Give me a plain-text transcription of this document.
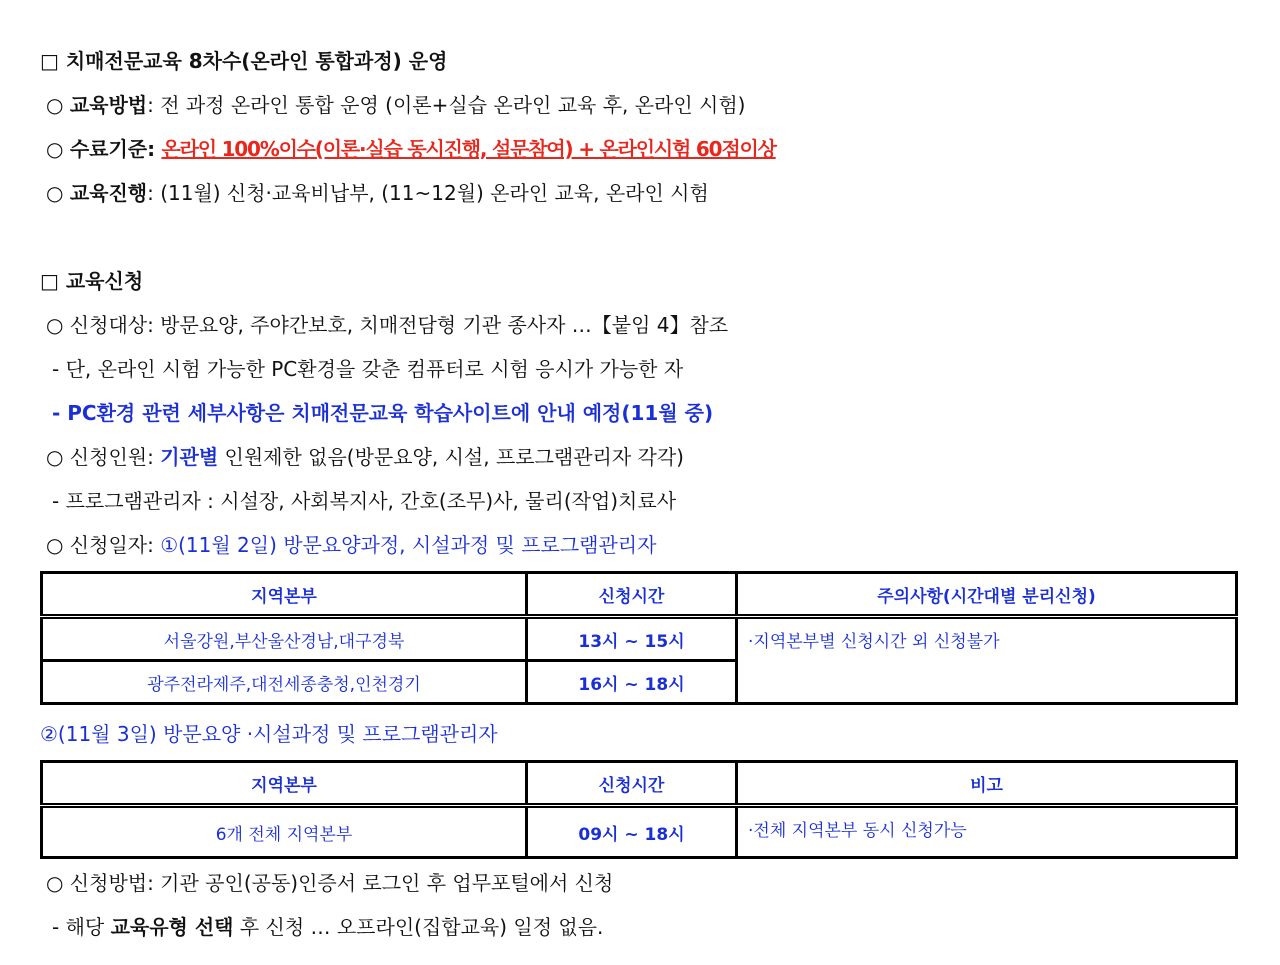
□ 치매전문교육 8차수(온라인 통합과정) 운영
○ 교육방법: 전 과정 온라인 통합 운영 (이론+실습 온라인 교육 후, 온라인 시험)
○ 수료기준: 온라인 100%이수(이론·실습 동시진행, 설문참여) + 온라인시험 60점이상
○ 교육진행: (11월) 신청·교육비납부, (11~12월) 온라인 교육, 온라인 시험
□ 교육신청
○ 신청대상: 방문요양, 주야간보호, 치매전담형 기관 종사자 …【붙임 4】참조
- 단, 온라인 시험 가능한 PC환경을 갖춘 컴퓨터로 시험 응시가 가능한 자
- PC환경 관련 세부사항은 치매전문교육 학습사이트에 안내 예정(11월 중)
○ 신청인원: 기관별 인원제한 없음(방문요양, 시설, 프로그램관리자 각각)
- 프로그램관리자 : 시설장, 사회복지사, 간호(조무)사, 물리(작업)치료사
○ 신청일자: ①(11월 2일) 방문요양과정, 시설과정 및 프로그램관리자
지역본부	신청시간	주의사항(시간대별 분리신청)
서울강원,부산울산경남,대구경북	13시 ~ 15시	·지역본부별 신청시간 외 신청불가
광주전라제주,대전세종충청,인천경기	16시 ~ 18시	
②(11월 3일) 방문요양 ·시설과정 및 프로그램관리자
지역본부	신청시간	비고
6개 전체 지역본부	09시 ~ 18시	·전체 지역본부 동시 신청가능
○ 신청방법: 기관 공인(공동)인증서 로그인 후 업무포털에서 신청
- 해당 교육유형 선택 후 신청 … 오프라인(집합교육) 일정 없음.
